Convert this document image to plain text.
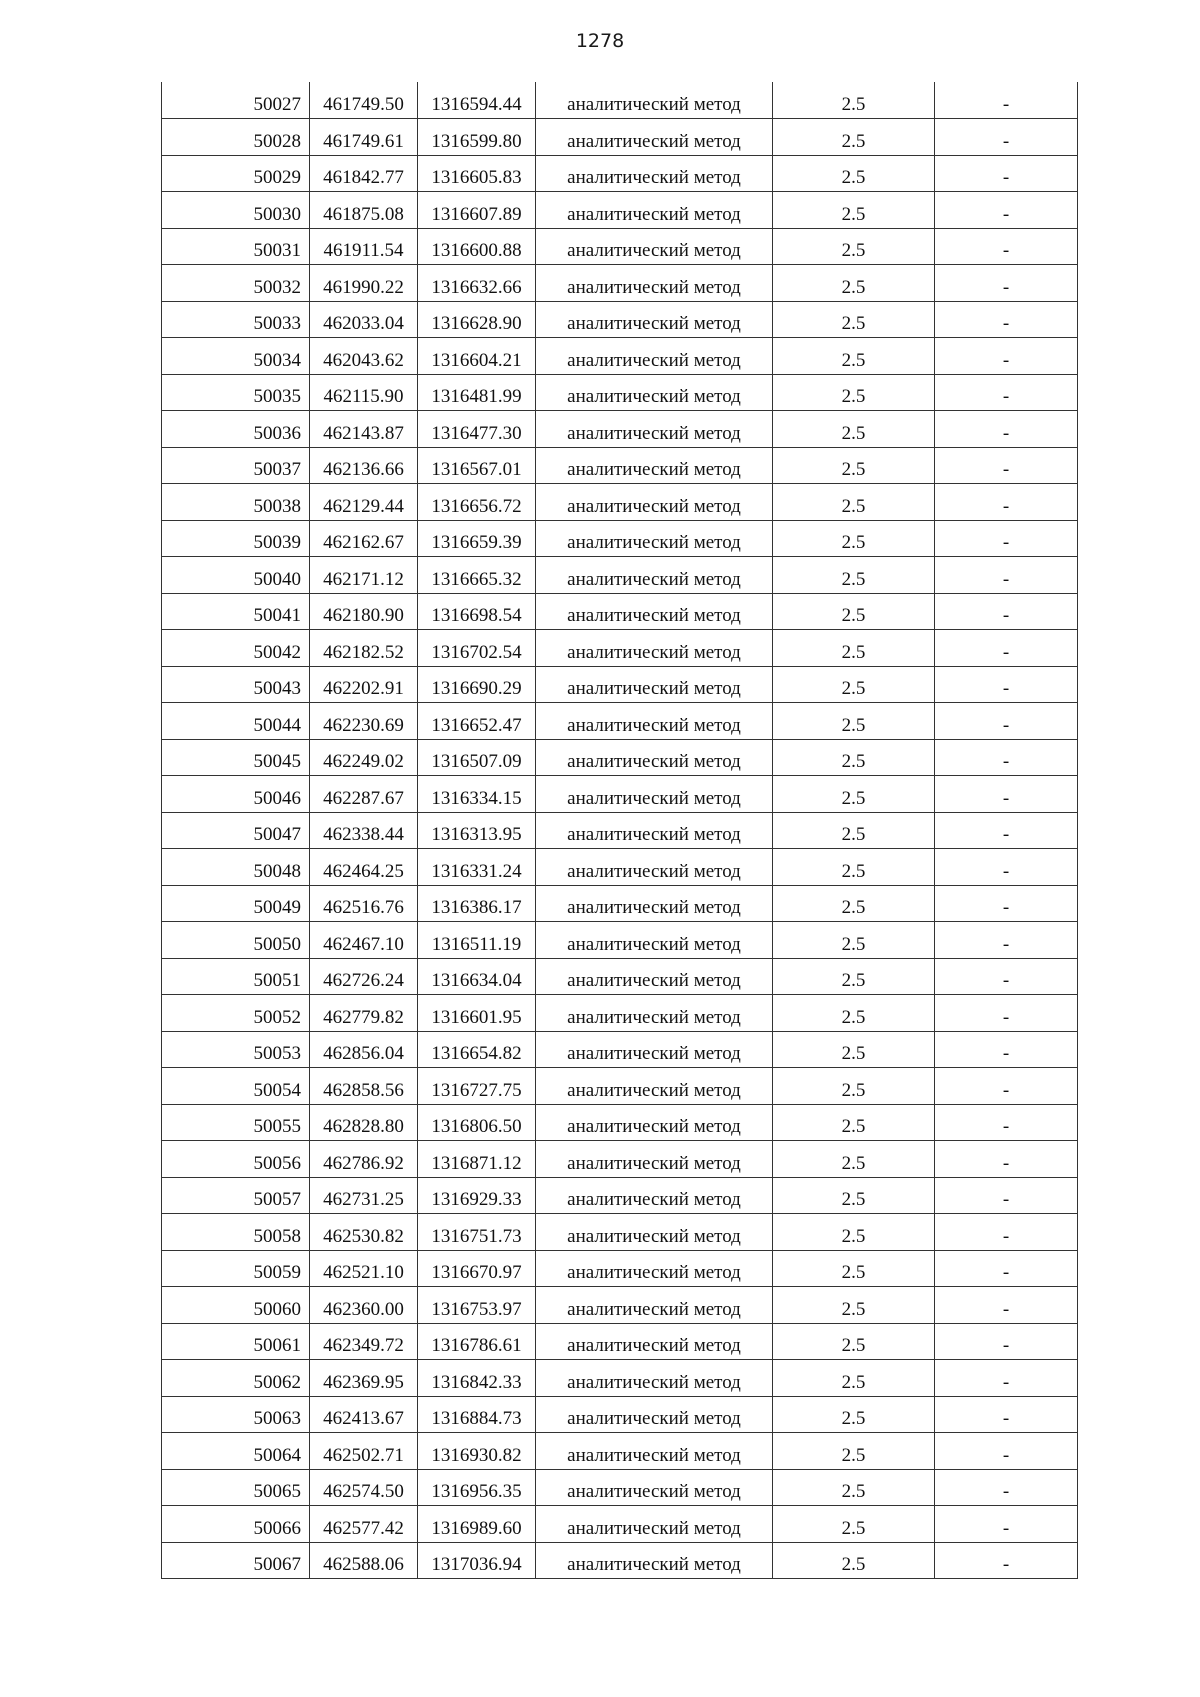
1278
50027	461749.50	1316594.44	аналитический метод	2.5	-
50028	461749.61	1316599.80	аналитический метод	2.5	-
50029	461842.77	1316605.83	аналитический метод	2.5	-
50030	461875.08	1316607.89	аналитический метод	2.5	-
50031	461911.54	1316600.88	аналитический метод	2.5	-
50032	461990.22	1316632.66	аналитический метод	2.5	-
50033	462033.04	1316628.90	аналитический метод	2.5	-
50034	462043.62	1316604.21	аналитический метод	2.5	-
50035	462115.90	1316481.99	аналитический метод	2.5	-
50036	462143.87	1316477.30	аналитический метод	2.5	-
50037	462136.66	1316567.01	аналитический метод	2.5	-
50038	462129.44	1316656.72	аналитический метод	2.5	-
50039	462162.67	1316659.39	аналитический метод	2.5	-
50040	462171.12	1316665.32	аналитический метод	2.5	-
50041	462180.90	1316698.54	аналитический метод	2.5	-
50042	462182.52	1316702.54	аналитический метод	2.5	-
50043	462202.91	1316690.29	аналитический метод	2.5	-
50044	462230.69	1316652.47	аналитический метод	2.5	-
50045	462249.02	1316507.09	аналитический метод	2.5	-
50046	462287.67	1316334.15	аналитический метод	2.5	-
50047	462338.44	1316313.95	аналитический метод	2.5	-
50048	462464.25	1316331.24	аналитический метод	2.5	-
50049	462516.76	1316386.17	аналитический метод	2.5	-
50050	462467.10	1316511.19	аналитический метод	2.5	-
50051	462726.24	1316634.04	аналитический метод	2.5	-
50052	462779.82	1316601.95	аналитический метод	2.5	-
50053	462856.04	1316654.82	аналитический метод	2.5	-
50054	462858.56	1316727.75	аналитический метод	2.5	-
50055	462828.80	1316806.50	аналитический метод	2.5	-
50056	462786.92	1316871.12	аналитический метод	2.5	-
50057	462731.25	1316929.33	аналитический метод	2.5	-
50058	462530.82	1316751.73	аналитический метод	2.5	-
50059	462521.10	1316670.97	аналитический метод	2.5	-
50060	462360.00	1316753.97	аналитический метод	2.5	-
50061	462349.72	1316786.61	аналитический метод	2.5	-
50062	462369.95	1316842.33	аналитический метод	2.5	-
50063	462413.67	1316884.73	аналитический метод	2.5	-
50064	462502.71	1316930.82	аналитический метод	2.5	-
50065	462574.50	1316956.35	аналитический метод	2.5	-
50066	462577.42	1316989.60	аналитический метод	2.5	-
50067	462588.06	1317036.94	аналитический метод	2.5	-
